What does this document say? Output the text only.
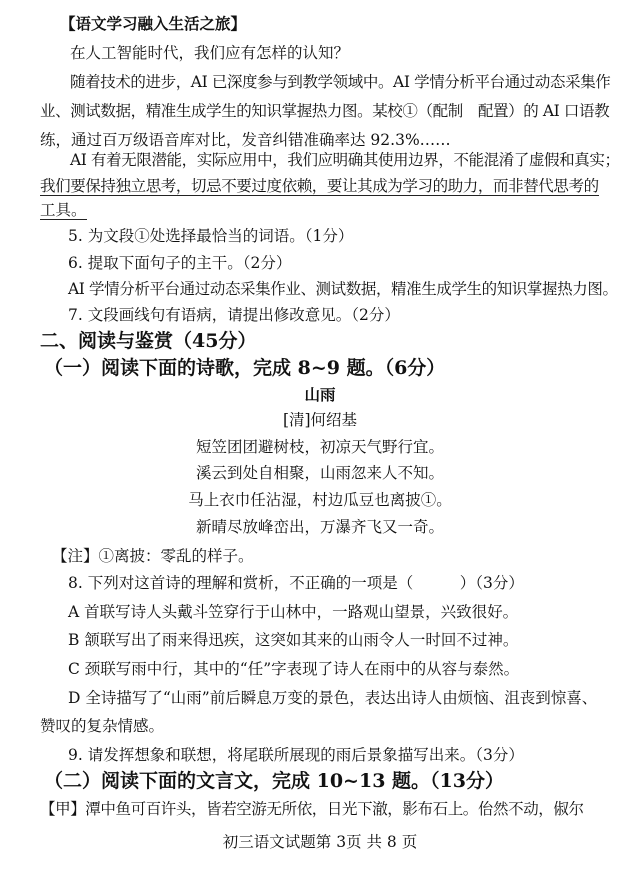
【语文学习融入生活之旅】
在人工智能时代，我们应有怎样的认知？
随着技术的进步，AI 已深度参与到教学领域中。AI 学情分析平台通过动态采集作
业、测试数据，精准生成学生的知识掌握热力图。某校①（配制　配置）的 AI 口语教
练，通过百万级语音库对比，发音纠错准确率达 92.3%……
AI 有着无限潜能，实际应用中，我们应明确其使用边界，不能混淆了虚假和真实；
我们要保持独立思考，切忌不要过度依赖，要让其成为学习的助力，而非替代思考的
工具。
5. 为文段①处选择最恰当的词语。（1分）
6. 提取下面句子的主干。（2分）
AI 学情分析平台通过动态采集作业、测试数据，精准生成学生的知识掌握热力图。
7. 文段画线句有语病，请提出修改意见。（2分）
二、阅读与鉴赏（45分）
（一）阅读下面的诗歌，完成 8~9 题。（6分）
山雨
[清]何绍基
短笠团团避树枝，初凉天气野行宜。
溪云到处自相聚，山雨忽来人不知。
马上衣巾任沾湿，村边瓜豆也离披①。
新晴尽放峰峦出，万瀑齐飞又一奇。
【注】①离披：零乱的样子。
8. 下列对这首诗的理解和赏析，不正确的一项是（　　　）（3分）
A 首联写诗人头戴斗笠穿行于山林中，一路观山望景，兴致很好。
B 颔联写出了雨来得迅疾，这突如其来的山雨令人一时回不过神。
C 颈联写雨中行，其中的“任”字表现了诗人在雨中的从容与泰然。
D 全诗描写了“山雨”前后瞬息万变的景色，表达出诗人由烦恼、沮丧到惊喜、
赞叹的复杂情感。
9. 请发挥想象和联想，将尾联所展现的雨后景象描写出来。（3分）
（二）阅读下面的文言文，完成 10~13 题。（13分）
【甲】潭中鱼可百许头，皆若空游无所依，日光下澈，影布石上。佁然不动，俶尔
初三语文试题第 3页 共 8 页
